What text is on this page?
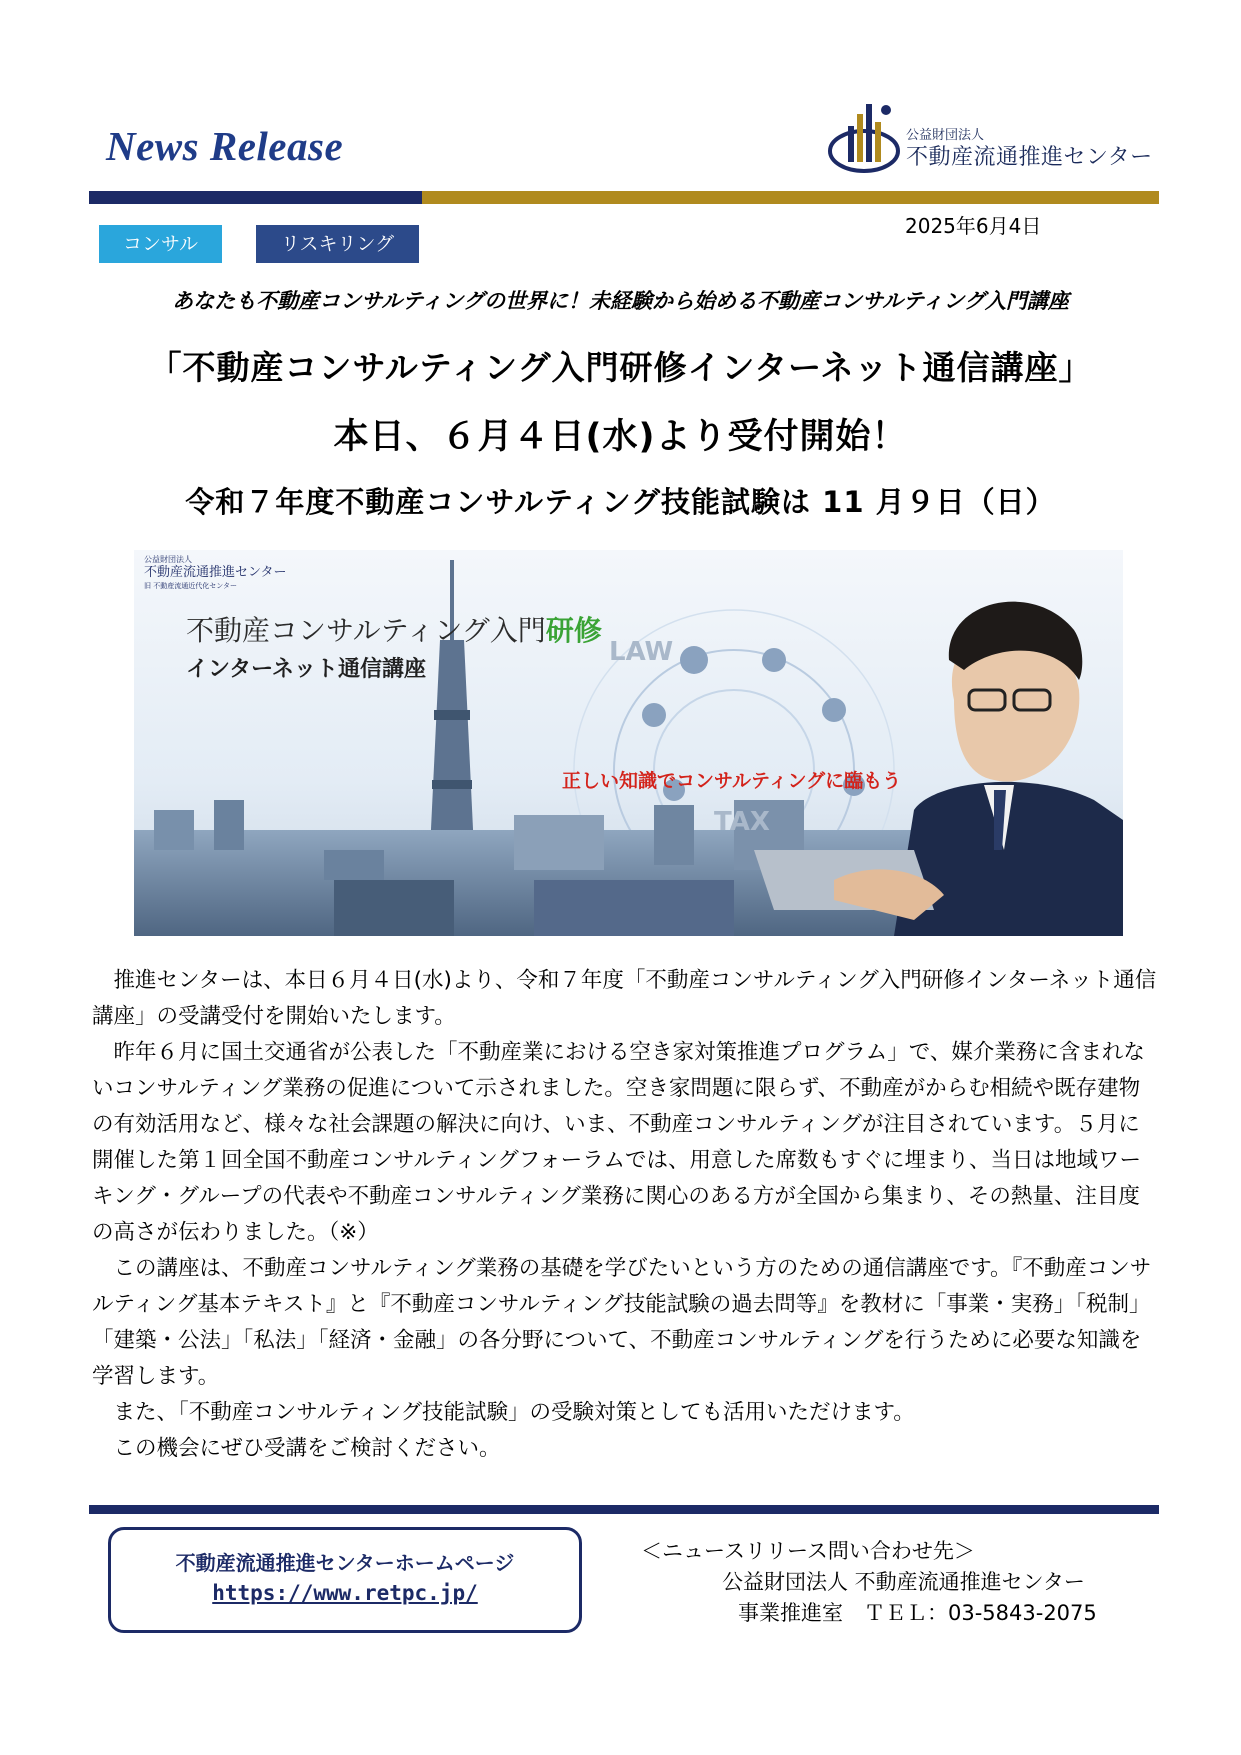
News Release	公益財団法人
不動産流通推進センター
コンサル	リスキリング
2025年6月4日
あなたも不動産コンサルティングの世界に！未経験から始める不動産コンサルティング入門講座
「不動産コンサルティング入門研修インターネット通信講座」
本日、６月４日(水)より受付開始！
令和７年度不動産コンサルティング技能試験は 11 月９日（日）
公益財団法人
不動産流通推進センター
旧 不動産流通近代化センター
不動産コンサルティング入門研修
インターネット通信講座
LAW
TAX
正しい知識でコンサルティングに臨もう

　推進センターは、本日６月４日(水)より、令和７年度「不動産コンサルティング入門研修インターネット通信講座」の受講受付を開始いたします。

　昨年６月に国土交通省が公表した「不動産業における空き家対策推進プログラム」で、媒介業務に含まれないコンサルティング業務の促進について示されました。空き家問題に限らず、不動産がからむ相続や既存建物の有効活用など、様々な社会課題の解決に向け、いま、不動産コンサルティングが注目されています。５月に開催した第１回全国不動産コンサルティングフォーラムでは、用意した席数もすぐに埋まり、当日は地域ワーキング・グループの代表や不動産コンサルティング業務に関心のある方が全国から集まり、その熱量、注目度の高さが伝わりました。（※）

　この講座は、不動産コンサルティング業務の基礎を学びたいという方のための通信講座です。『不動産コンサルティング基本テキスト』と『不動産コンサルティング技能試験の過去問等』を教材に「事業・実務」「税制」「建築・公法」「私法」「経済・金融」の各分野について、不動産コンサルティングを行うために必要な知識を学習します。

　また、「不動産コンサルティング技能試験」の受験対策としても活用いただけます。

　この機会にぜひ受講をご検討ください。

不動産流通推進センターホームページ
https://www.retpc.jp/
＜ニュースリリース問い合わせ先＞
公益財団法人 不動産流通推進センター
事業推進室　ＴＥＬ：03-5843-2075
